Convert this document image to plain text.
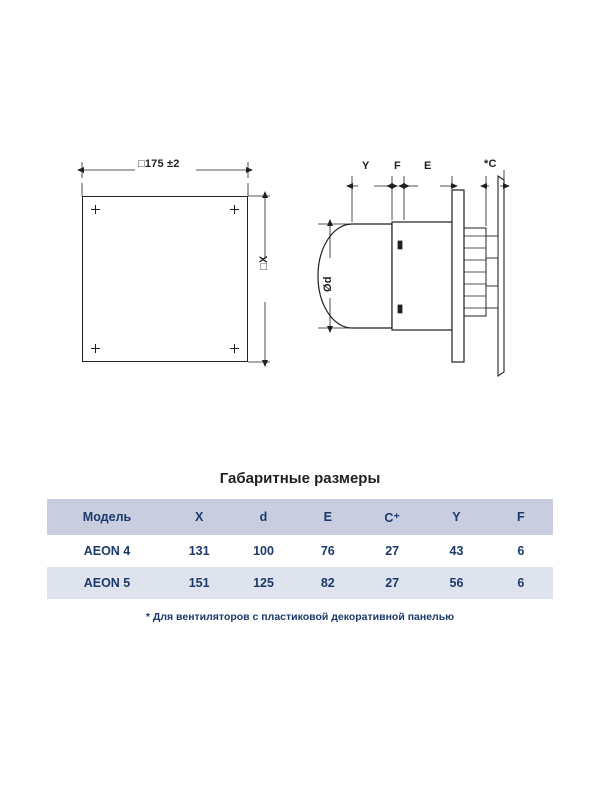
□175 ±2
□X
Ød
Y F E	*C
Габаритные размеры
Модель	X	d	E	C⁺	Y	F
AEON 4	131	100	76	27	43	6
AEON 5	151	125	82	27	56	6
* Для вентиляторов с пластиковой декоративной панелью
